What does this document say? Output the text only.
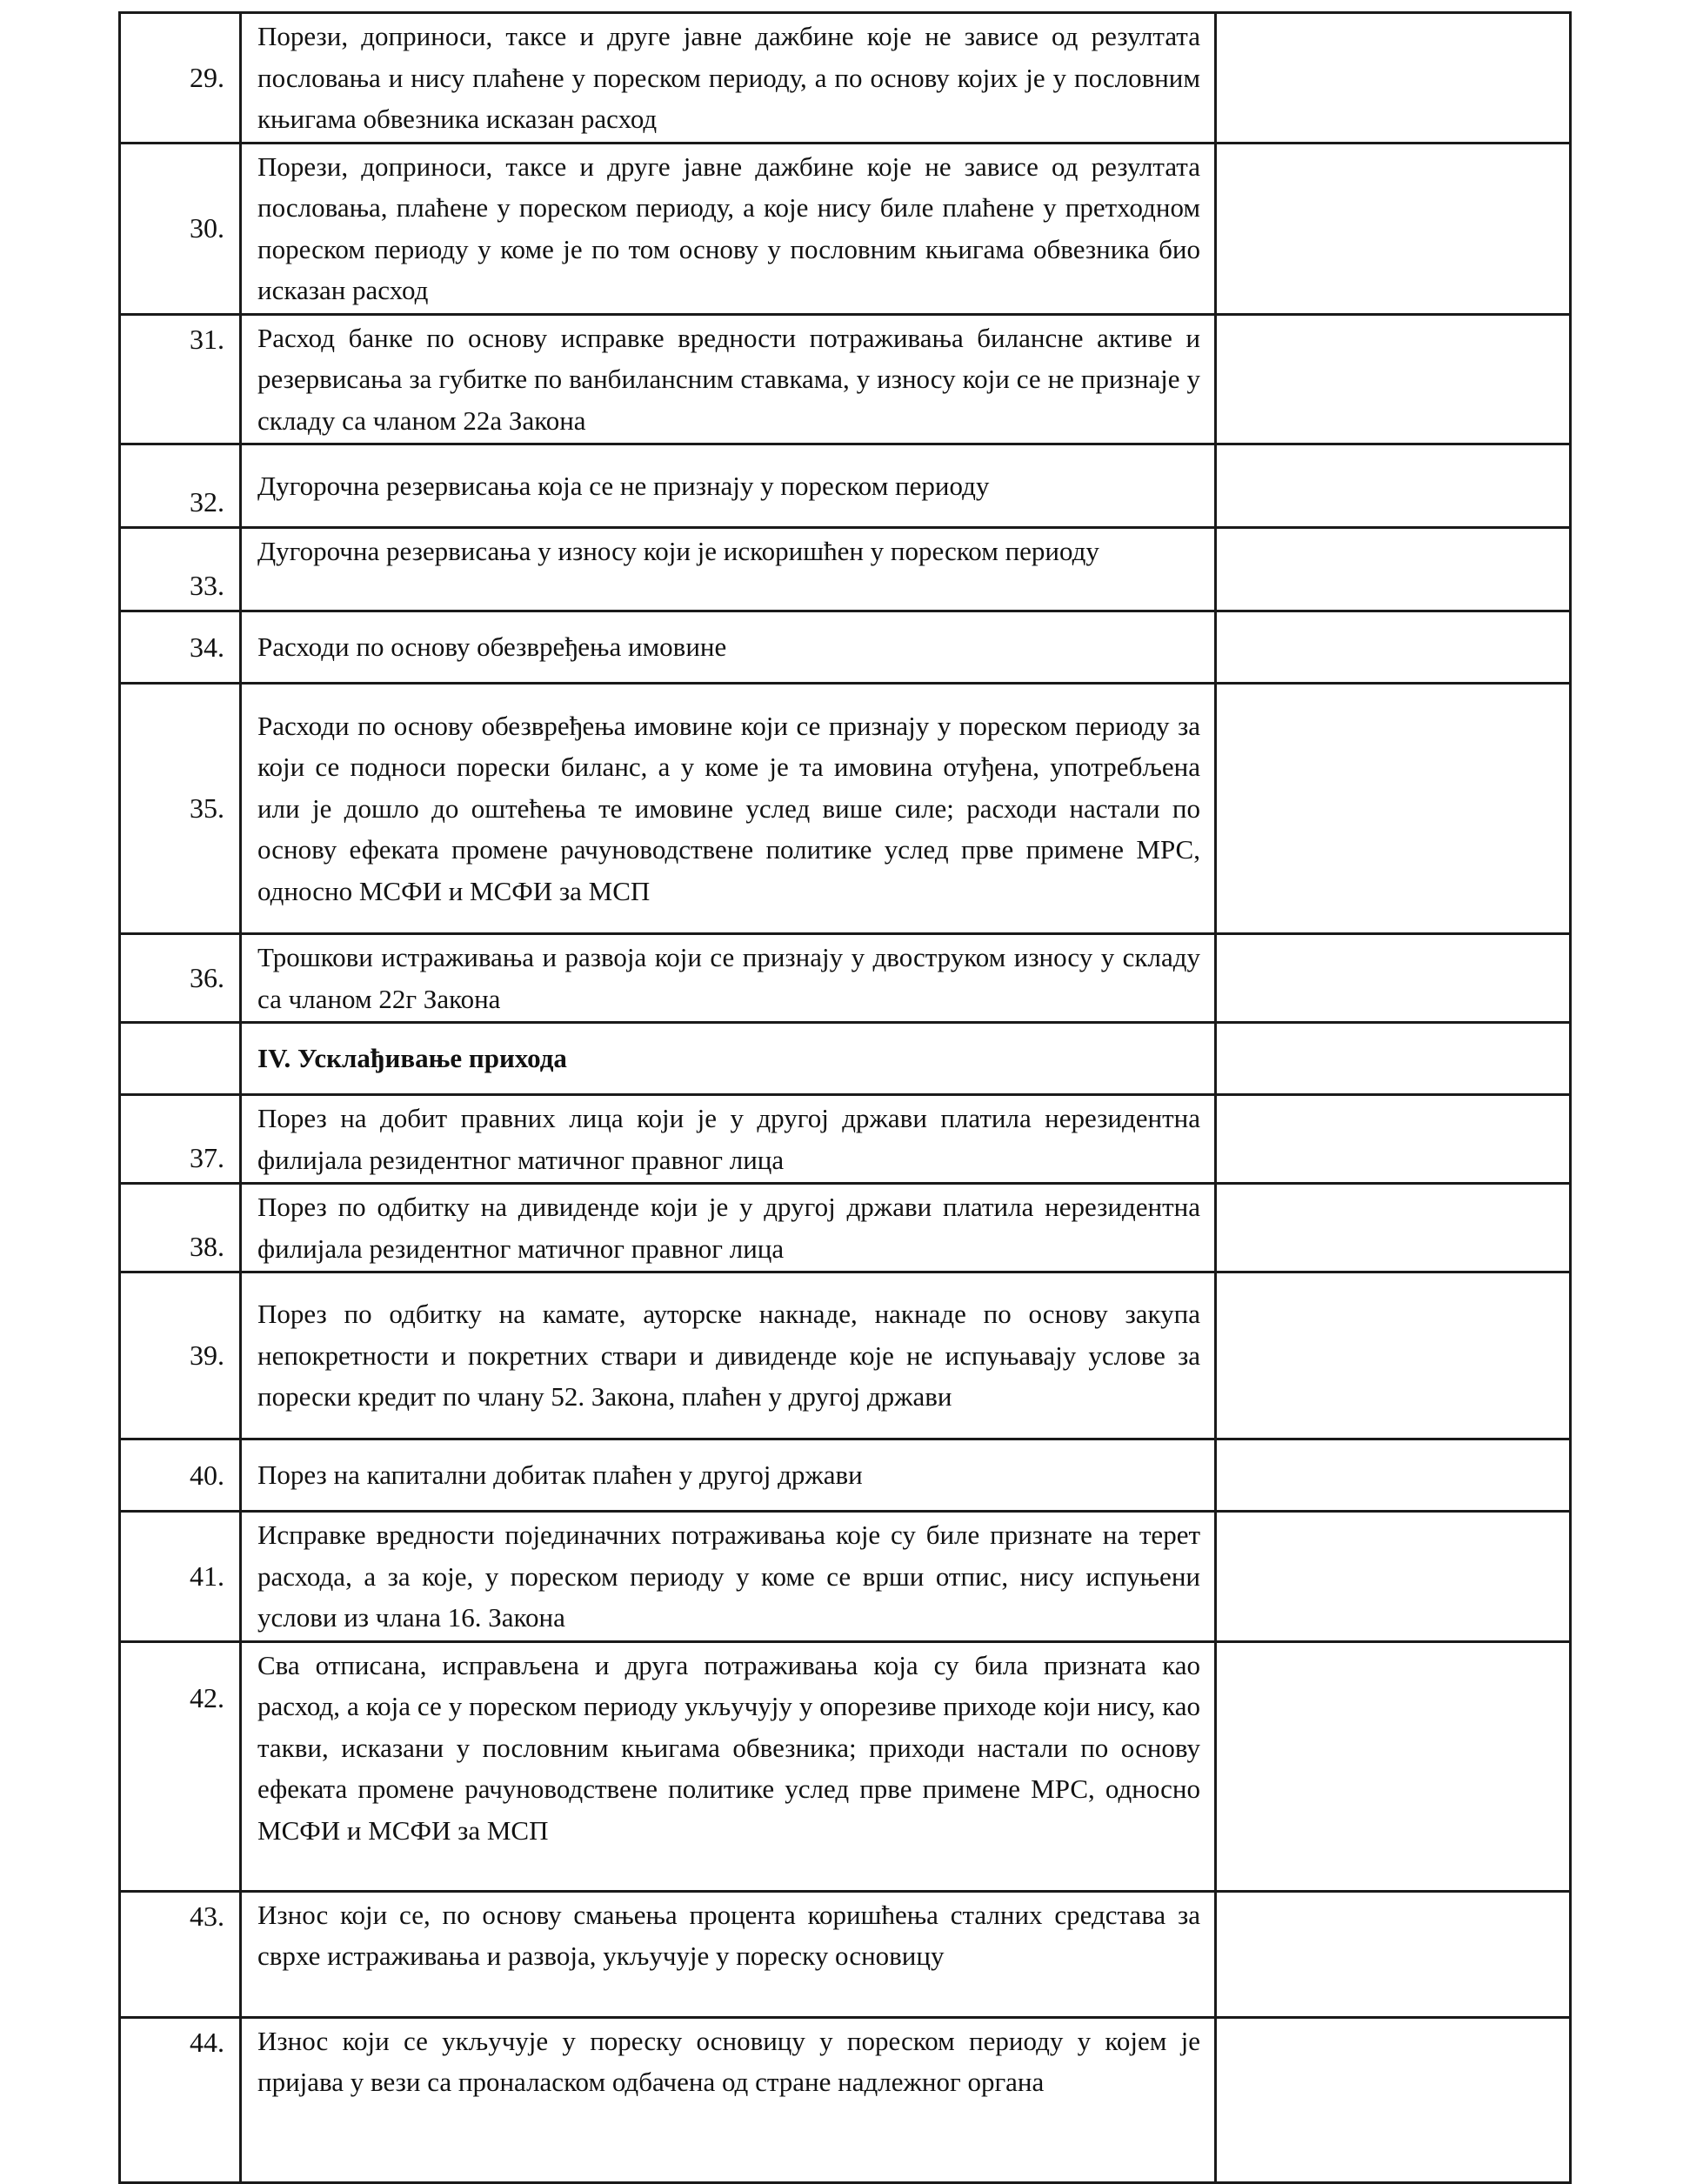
29.	Порези, доприноси, таксе и друге јавне дажбине које не зависе од резултата пословања и нису плаћене у пореском периоду, а по основу којих је у пословним књигама обвезника исказан расход	
30.	Порези, доприноси, таксе и друге јавне дажбине које не зависе од резултата пословања, плаћене у пореском периоду, а које нису биле плаћене у претходном пореском периоду у коме је по том основу у пословним књигама обвезника био исказан расход	
31.	Расход банке по основу исправке вредности потраживања билансне активе и резервисања за губитке по ванбилансним ставкама, у износу који се не признаје у складу са чланом 22а Закона	
32.	Дугорочна резервисања која се не признају у пореском периоду	
33.	Дугорочна резервисања у износу који је искоришћен у пореском периоду	
34.	Расходи по основу обезвређења имовине	
35.	Расходи по основу обезвређења имовине који се признају у пореском периоду за који се подноси порески биланс, а у коме је та имовина отуђена, употребљена или је дошло до оштећења те имовине услед више силе; расходи настали по основу ефеката промене рачуноводствене политике услед прве примене МРС, односно МСФИ и МСФИ за МСП	
36.	Трошкови истраживања и развоја који се признају у двоструком износу у складу са чланом 22г Закона	
	IV. Усклађивање прихода	
37.	Порез на добит правних лица који је у другој држави платила нерезидентна филијала резидентног матичног правног лица	
38.	Порез по одбитку на дивиденде који је у другој држави платила нерезидентна филијала резидентног матичног правног лица	
39.	Порез по одбитку на камате, ауторске накнаде, накнаде по основу закупа непокретности и покретних ствари и дивиденде које не испуњавају услове за порески кредит по члану 52. Закона, плаћен у другој држави	
40.	Порез на капитални добитак плаћен у другој држави	
41.	Исправке вредности појединачних потраживања које су биле признате на терет расхода, а за које, у пореском периоду у коме се врши отпис, нису испуњени услови из члана 16. Закона	
42.	Сва отписана, исправљена и друга потраживања која су била призната као расход, а која се у пореском периоду укључују у опорезиве приходе који нису, као такви, исказани у пословним књигама обвезника; приходи настали по основу ефеката промене рачуноводствене политике услед прве примене МРС, односно МСФИ и МСФИ за МСП	
43.	Износ који се, по основу смањења процента коришћења сталних средстава за сврхе истраживања и развоја, укључује у пореску основицу	
44.	Износ који се укључује у пореску основицу у пореском периоду у којем је пријава у вези са проналаском одбачена од стране надлежног органа	
